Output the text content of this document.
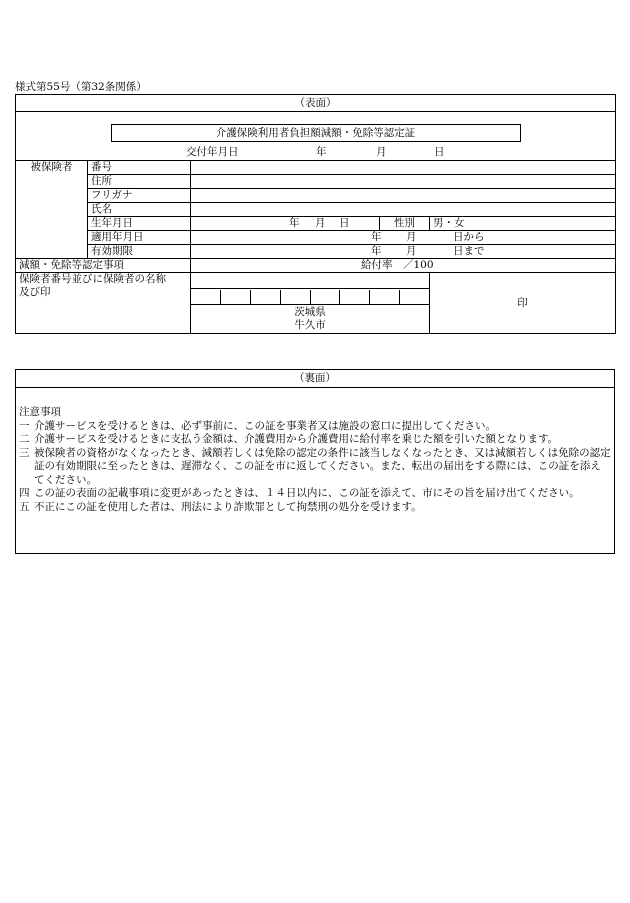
様式第55号（第32条関係）
（表面）				

介護保険利用者負担額減額・免除等認定証				

交付年月日 年 月 日				

被保険者	番号			
	住所			
	フリガナ			
	氏名			
	生年月日	年 月 日	性別	男・女
	適用年月日	年 月 日から		

	有効期限	年 月 日まで		

減額・免除等認定事項		給付率　／100		

保険者番号並びに保険者の名称
及び印				印

		茨城県
牛久市		
（裏面）
注意事項
一 介護サービスを受けるときは、必ず事前に、この証を事業者又は施設の窓口に提出してください。
二 介護サービスを受けるときに支払う金額は、介護費用から介護費用に給付率を乗じた額を引いた額となります。
三 被保険者の資格がなくなったとき、減額若しくは免除の認定の条件に該当しなくなったとき、又は減額若しくは免除の認定証の有効期限に至ったときは、遅滞なく、この証を市に返してください。また、転出の届出をする際には、この証を添えてください。
四 この証の表面の記載事項に変更があったときは、１４日以内に、この証を添えて、市にその旨を届け出てください。
五 不正にこの証を使用した者は、刑法により詐欺罪として拘禁刑の処分を受けます。
